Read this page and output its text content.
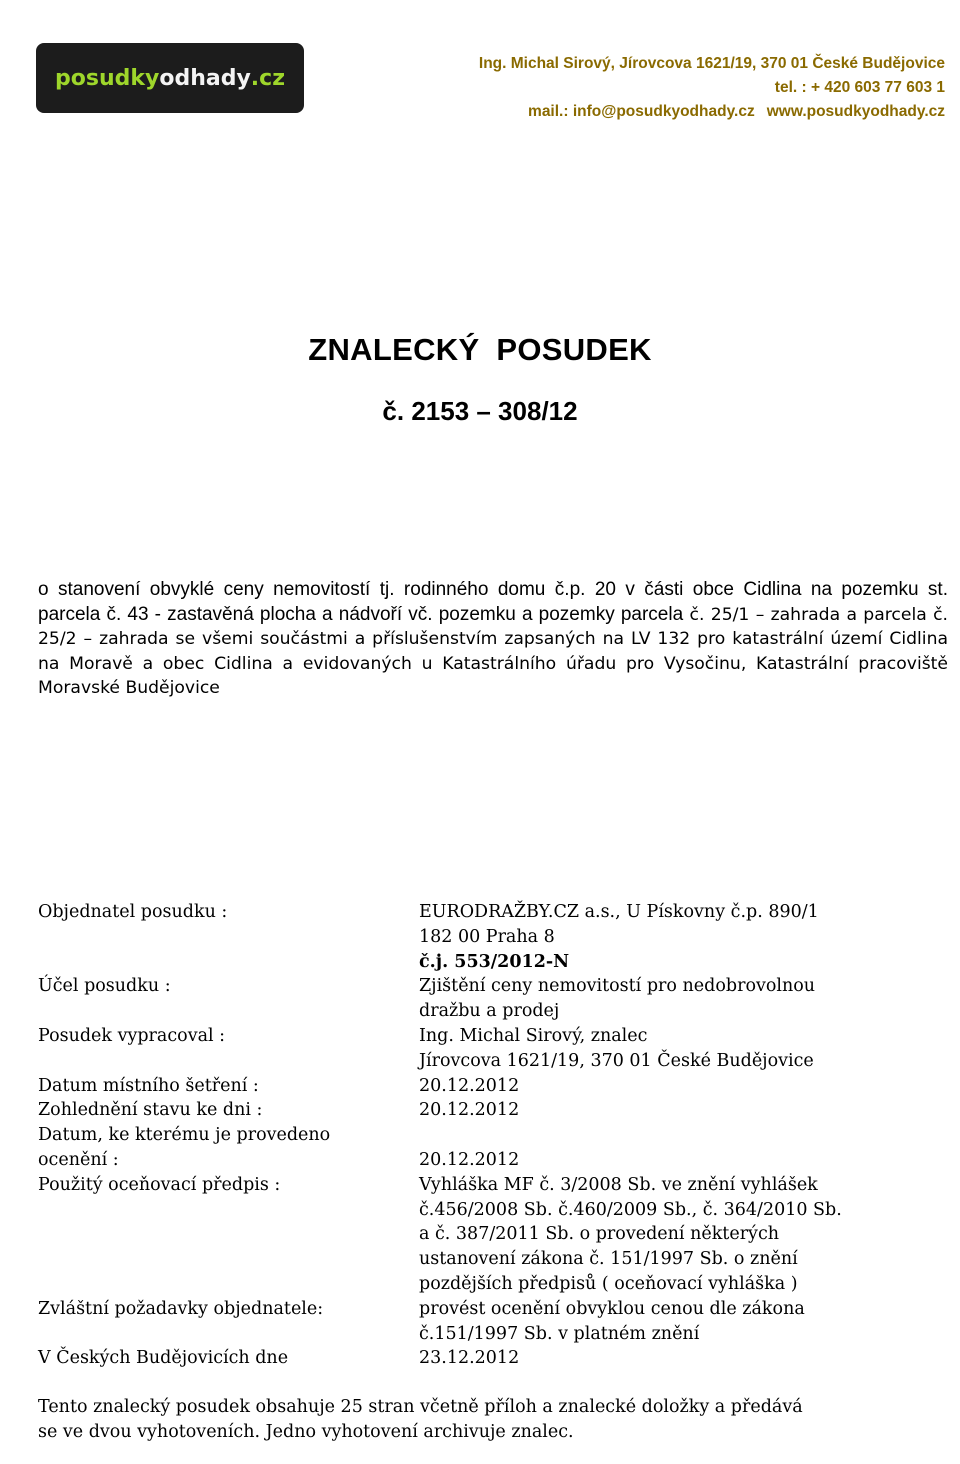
posudky odhady .cz
Ing. Michal Sirový, Jírovcova 1621/19, 370 01 České Budějovice
tel. : + 420 603 77 603 1
mail.: info@posudkyodhady.cz www.posudkyodhady.cz
ZNALECKÝ POSUDEK
č. 2153 – 308/12
o stanovení obvyklé ceny nemovitostí tj. rodinného domu č.p. 20 v části obce Cidlina na pozemku st. parcela č. 43 - zastavěná plocha a nádvoří vč. pozemku a pozemky parcela č. 25/1 – zahrada a parcela č. 25/2 – zahrada se všemi součástmi a příslušenstvím zapsaných na LV 132 pro katastrální území Cidlina na Moravě a obec Cidlina a evidovaných u Katastrálního úřadu pro Vysočinu, Katastrální pracoviště Moravské Budějovice
Objednatel posudku :	EURODRAŽBY.CZ a.s., U Pískovny č.p. 890/1
182 00 Praha 8
č.j. 553/2012-N
Účel posudku :	Zjištění ceny nemovitostí pro nedobrovolnou
dražbu a prodej
Posudek vypracoval :	Ing. Michal Sirový, znalec
Jírovcova 1621/19, 370 01 České Budějovice
Datum místního šetření :	20.12.2012
Zohlednění stavu ke dni :	20.12.2012
Datum, ke kterému je provedeno
ocenění :	20.12.2012
Použitý oceňovací předpis :	Vyhláška MF č. 3/2008 Sb. ve znění vyhlášek
č.456/2008 Sb. č.460/2009 Sb., č. 364/2010 Sb.
a č. 387/2011 Sb. o provedení některých
ustanovení zákona č. 151/1997 Sb. o znění
pozdějších předpisů ( oceňovací vyhláška )
Zvláštní požadavky objednatele:	provést ocenění obvyklou cenou dle zákona
č.151/1997 Sb. v platném znění
V Českých Budějovicích dne	23.12.2012
Tento znalecký posudek obsahuje 25 stran včetně příloh a znalecké doložky a předává
se ve dvou vyhotoveních. Jedno vyhotovení archivuje znalec.
